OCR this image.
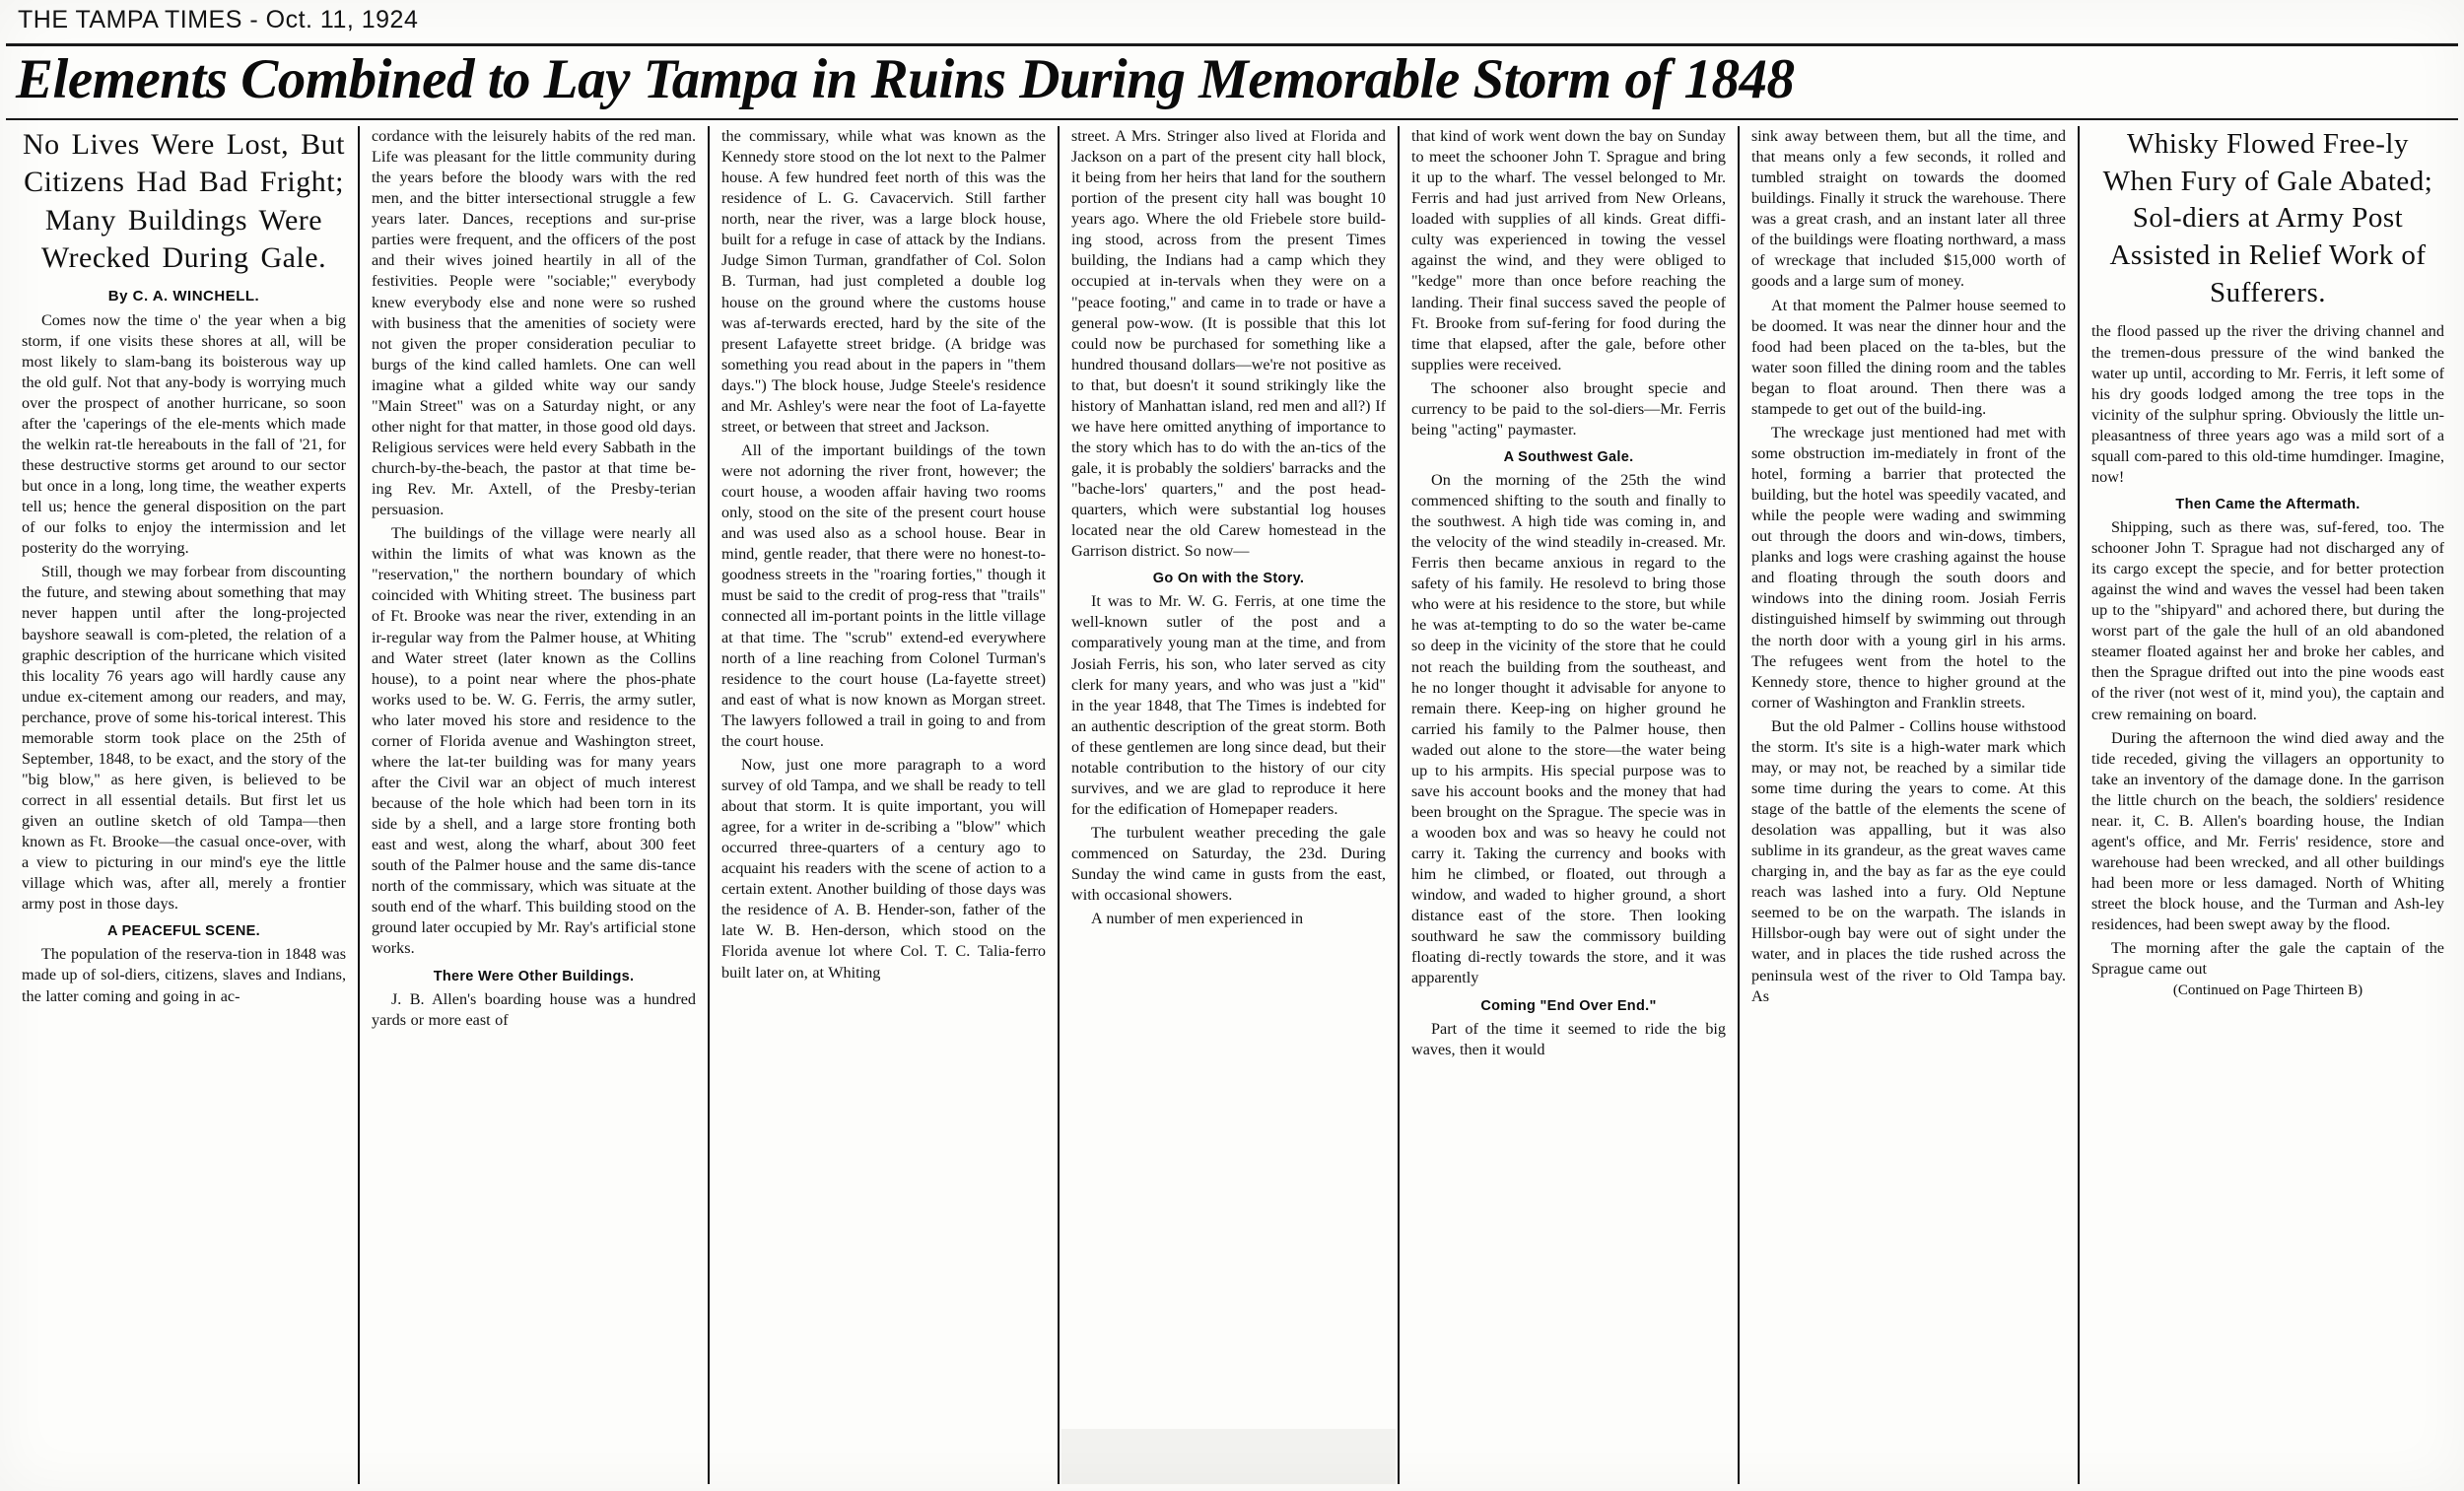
THE TAMPA TIMES - Oct. 11, 1924
Elements Combined to Lay Tampa in Ruins During Memorable Storm of 1848
No Lives Were Lost, But Citizens Had Bad Fright; Many Buildings Were Wrecked During Gale.
By C. A. WINCHELL.

Comes now the time o' the year when a big storm, if one visits these shores at all, will be most likely to slam-bang its boisterous way up the old gulf. Not that any-body is worrying much over the prospect of another hurricane, so soon after the 'caperings of the ele-ments which made the welkin rat-tle hereabouts in the fall of '21, for these destructive storms get around to our sector but once in a long, long time, the weather experts tell us; hence the general disposition on the part of our folks to enjoy the intermission and let posterity do the worrying.

Still, though we may forbear from discounting the future, and stewing about something that may never happen until after the long-projected bayshore seawall is com-pleted, the relation of a graphic description of the hurricane which visited this locality 76 years ago will hardly cause any undue ex-citement among our readers, and may, perchance, prove of some his-torical interest. This memorable storm took place on the 25th of September, 1848, to be exact, and the story of the "big blow," as here given, is believed to be correct in all essential details. But first let us given an outline sketch of old Tampa—then known as Ft. Brooke—the casual once-over, with a view to picturing in our mind's eye the little village which was, after all, merely a frontier army post in those days.

A PEACEFUL SCENE.

The population of the reserva-tion in 1848 was made up of sol-diers, citizens, slaves and Indians, the latter coming and going in ac-

cordance with the leisurely habits of the red man. Life was pleasant for the little community during the years before the bloody wars with the red men, and the bitter intersectional struggle a few years later. Dances, receptions and sur-prise parties were frequent, and the officers of the post and their wives joined heartily in all of the festivities. People were "sociable;" everybody knew everybody else and none were so rushed with business that the amenities of society were not given the proper consideration peculiar to burgs of the kind called hamlets. One can well imagine what a gilded white way our sandy "Main Street" was on a Saturday night, or any other night for that matter, in those good old days. Religious services were held every Sabbath in the church-by-the-beach, the pastor at that time be-ing Rev. Mr. Axtell, of the Presby-terian persuasion.

The buildings of the village were nearly all within the limits of what was known as the "reservation," the northern boundary of which coincided with Whiting street. The business part of Ft. Brooke was near the river, extending in an ir-regular way from the Palmer house, at Whiting and Water street (later known as the Collins house), to a point near where the phos-phate works used to be. W. G. Ferris, the army sutler, who later moved his store and residence to the corner of Florida avenue and Washington street, where the lat-ter building was for many years after the Civil war an object of much interest because of the hole which had been torn in its side by a shell, and a large store fronting both east and west, along the wharf, about 300 feet south of the Palmer house and the same dis-tance north of the commissary, which was situate at the south end of the wharf. This building stood on the ground later occupied by Mr. Ray's artificial stone works.

There Were Other Buildings.

J. B. Allen's boarding house was a hundred yards or more east of

the commissary, while what was known as the Kennedy store stood on the lot next to the Palmer house. A few hundred feet north of this was the residence of L. G. Cavacervich. Still farther north, near the river, was a large block house, built for a refuge in case of attack by the Indians. Judge Simon Turman, grandfather of Col. Solon B. Turman, had just completed a double log house on the ground where the customs house was af-terwards erected, hard by the site of the present Lafayette street bridge. (A bridge was something you read about in the papers in "them days.") The block house, Judge Steele's residence and Mr. Ashley's were near the foot of La-fayette street, or between that street and Jackson.

All of the important buildings of the town were not adorning the river front, however; the court house, a wooden affair having two rooms only, stood on the site of the present court house and was used also as a school house. Bear in mind, gentle reader, that there were no honest-to-goodness streets in the "roaring forties," though it must be said to the credit of prog-ress that "trails" connected all im-portant points in the little village at that time. The "scrub" extend-ed everywhere north of a line reaching from Colonel Turman's residence to the court house (La-fayette street) and east of what is now known as Morgan street. The lawyers followed a trail in going to and from the court house.

Now, just one more paragraph to a word survey of old Tampa, and we shall be ready to tell about that storm. It is quite important, you will agree, for a writer in de-scribing a "blow" which occurred three-quarters of a century ago to acquaint his readers with the scene of action to a certain extent. Another building of those days was the residence of A. B. Hender-son, father of the late W. B. Hen-derson, which stood on the Florida avenue lot where Col. T. C. Talia-ferro built later on, at Whiting

street. A Mrs. Stringer also lived at Florida and Jackson on a part of the present city hall block, it being from her heirs that land for the southern portion of the present city hall was bought 10 years ago. Where the old Friebele store build-ing stood, across from the present Times building, the Indians had a camp which they occupied at in-tervals when they were on a "peace footing," and came in to trade or have a general pow-wow. (It is possible that this lot could now be purchased for something like a hundred thousand dollars—we're not positive as to that, but doesn't it sound strikingly like the history of Manhattan island, red men and all?) If we have here omitted anything of importance to the story which has to do with the an-tics of the gale, it is probably the soldiers' barracks and the "bache-lors' quarters," and the post head-quarters, which were substantial log houses located near the old Carew homestead in the Garrison district. So now—

Go On with the Story.

It was to Mr. W. G. Ferris, at one time the well-known sutler of the post and a comparatively young man at the time, and from Josiah Ferris, his son, who later served as city clerk for many years, and who was just a "kid" in the year 1848, that The Times is indebted for an authentic description of the great storm. Both of these gentlemen are long since dead, but their notable contribution to the history of our city survives, and we are glad to reproduce it here for the edification of Homepaper readers.

The turbulent weather preceding the gale commenced on Saturday, the 23d. During Sunday the wind came in gusts from the east, with occasional showers.

A number of men experienced in

that kind of work went down the bay on Sunday to meet the schooner John T. Sprague and bring it up to the wharf. The vessel belonged to Mr. Ferris and had just arrived from New Orleans, loaded with supplies of all kinds. Great diffi-culty was experienced in towing the vessel against the wind, and they were obliged to "kedge" more than once before reaching the landing. Their final success saved the people of Ft. Brooke from suf-fering for food during the time that elapsed, after the gale, before other supplies were received.

The schooner also brought specie and currency to be paid to the sol-diers—Mr. Ferris being "acting" paymaster.

A Southwest Gale.

On the morning of the 25th the wind commenced shifting to the south and finally to the southwest. A high tide was coming in, and the velocity of the wind steadily in-creased. Mr. Ferris then became anxious in regard to the safety of his family. He resolevd to bring those who were at his residence to the store, but while he was at-tempting to do so the water be-came so deep in the vicinity of the store that he could not reach the building from the southeast, and he no longer thought it advisable for anyone to remain there. Keep-ing on higher ground he carried his family to the Palmer house, then waded out alone to the store—the water being up to his armpits. His special purpose was to save his account books and the money that had been brought on the Sprague. The specie was in a wooden box and was so heavy he could not carry it. Taking the currency and books with him he climbed, or floated, out through a window, and waded to higher ground, a short distance east of the store. Then looking southward he saw the commissory building floating di-rectly towards the store, and it was apparently

Coming "End Over End."

Part of the time it seemed to ride the big waves, then it would

sink away between them, but all the time, and that means only a few seconds, it rolled and tumbled straight on towards the doomed buildings. Finally it struck the warehouse. There was a great crash, and an instant later all three of the buildings were floating northward, a mass of wreckage that included $15,000 worth of goods and a large sum of money.

At that moment the Palmer house seemed to be doomed. It was near the dinner hour and the food had been placed on the ta-bles, but the water soon filled the dining room and the tables began to float around. Then there was a stampede to get out of the build-ing.

The wreckage just mentioned had met with some obstruction im-mediately in front of the hotel, forming a barrier that protected the building, but the hotel was speedily vacated, and while the people were wading and swimming out through the doors and win-dows, timbers, planks and logs were crashing against the house and floating through the south doors and windows into the dining room. Josiah Ferris distinguished himself by swimming out through the north door with a young girl in his arms. The refugees went from the hotel to the Kennedy store, thence to higher ground at the corner of Washington and Franklin streets.

But the old Palmer - Collins house withstood the storm. It's site is a high-water mark which may, or may not, be reached by a similar tide some time during the years to come. At this stage of the battle of the elements the scene of desolation was appalling, but it was also sublime in its grandeur, as the great waves came charging in, and the bay as far as the eye could reach was lashed into a fury. Old Neptune seemed to be on the warpath. The islands in Hillsbor-ough bay were out of sight under the water, and in places the tide rushed across the peninsula west of the river to Old Tampa bay. As

Whisky Flowed Free-ly When Fury of Gale Abated; Sol-diers at Army Post Assisted in Relief Work of Sufferers.

the flood passed up the river the driving channel and the tremen-dous pressure of the wind banked the water up until, according to Mr. Ferris, it left some of his dry goods lodged among the tree tops in the vicinity of the sulphur spring. Obviously the little un-pleasantness of three years ago was a mild sort of a squall com-pared to this old-time humdinger. Imagine, now!

Then Came the Aftermath.

Shipping, such as there was, suf-fered, too. The schooner John T. Sprague had not discharged any of its cargo except the specie, and for better protection against the wind and waves the vessel had been taken up to the "shipyard" and achored there, but during the worst part of the gale the hull of an old abandoned steamer floated against her and broke her cables, and then the Sprague drifted out into the pine woods east of the river (not west of it, mind you), the captain and crew remaining on board.

During the afternoon the wind died away and the tide receded, giving the villagers an opportunity to take an inventory of the damage done. In the garrison the little church on the beach, the soldiers' residence near. it, C. B. Allen's boarding house, the Indian agent's office, and Mr. Ferris' residence, store and warehouse had been wrecked, and all other buildings had been more or less damaged. North of Whiting street the block house, and the Turman and Ash-ley residences, had been swept away by the flood.

The morning after the gale the captain of the Sprague came out

(Continued on Page Thirteen B)
